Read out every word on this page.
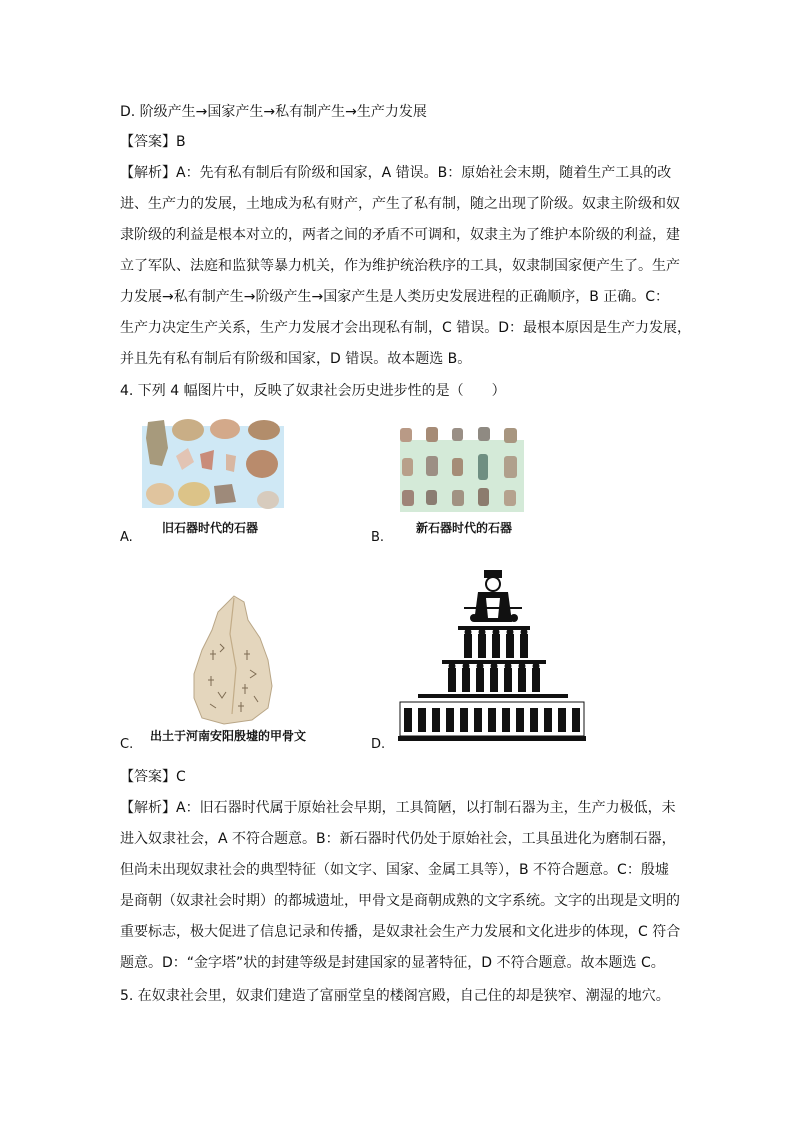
D. 阶级产生→国家产生→私有制产生→生产力发展
【答案】B
【解析】A：先有私有制后有阶级和国家，A 错误。B：原始社会末期，随着生产工具的改
进、生产力的发展，土地成为私有财产，产生了私有制，随之出现了阶级。奴隶主阶级和奴
隶阶级的利益是根本对立的，两者之间的矛盾不可调和，奴隶主为了维护本阶级的利益，建
立了军队、法庭和监狱等暴力机关，作为维护统治秩序的工具，奴隶制国家便产生了。生产
力发展→私有制产生→阶级产生→国家产生是人类历史发展进程的正确顺序，B 正确。C：
生产力决定生产关系，生产力发展才会出现私有制，C 错误。D：最根本原因是生产力发展，
并且先有私有制后有阶级和国家，D 错误。故本题选 B。
4. 下列 4 幅图片中，反映了奴隶社会历史进步性的是（　　）
旧石器时代的石器
A.
新石器时代的石器
B.
出土于河南安阳殷墟的甲骨文
C.	D.
【答案】C
【解析】A：旧石器时代属于原始社会早期，工具简陋，以打制石器为主，生产力极低，未
进入奴隶社会，A 不符合题意。B：新石器时代仍处于原始社会，工具虽进化为磨制石器，
但尚未出现奴隶社会的典型特征（如文字、国家、金属工具等），B 不符合题意。C：殷墟
是商朝（奴隶社会时期）的都城遗址，甲骨文是商朝成熟的文字系统。文字的出现是文明的
重要标志，极大促进了信息记录和传播，是奴隶社会生产力发展和文化进步的体现，C 符合
题意。D：“金字塔”状的封建等级是封建国家的显著特征，D 不符合题意。故本题选 C。
5. 在奴隶社会里，奴隶们建造了富丽堂皇的楼阁宫殿，自己住的却是狭窄、潮湿的地穴。
